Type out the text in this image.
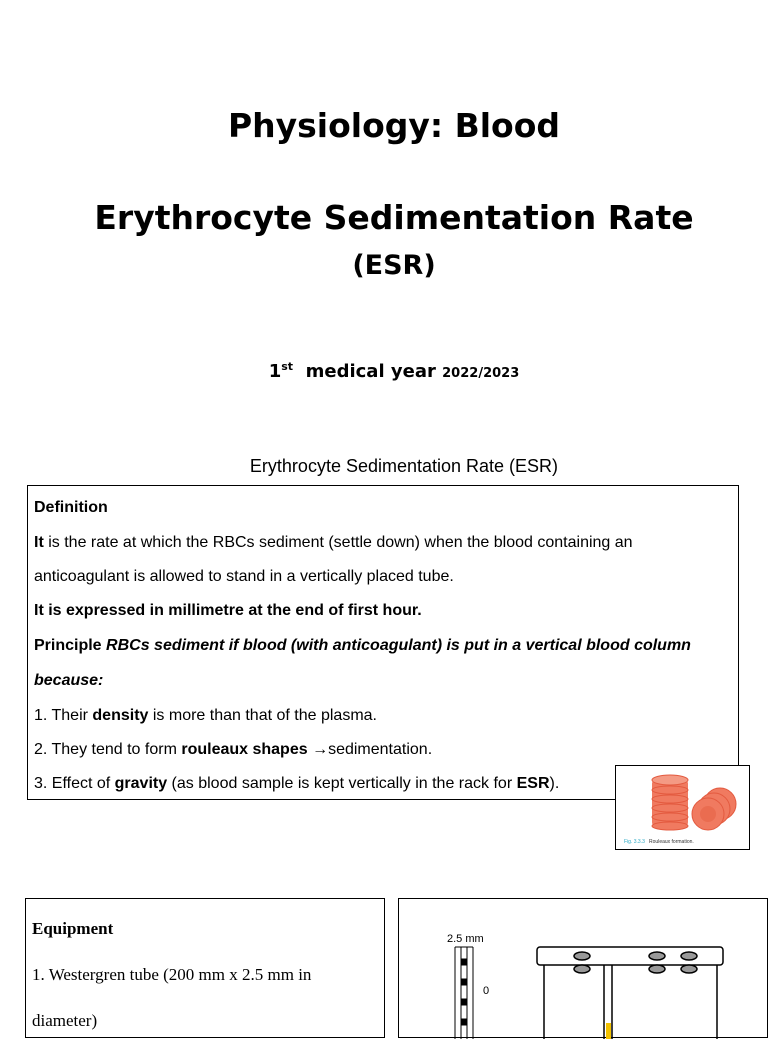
Physiology: Blood
Erythrocyte Sedimentation Rate
(ESR)
1st medical year 2022/2023
Erythrocyte Sedimentation Rate (ESR)
Definition
It is the rate at which the RBCs sediment (settle down) when the blood containing an
anticoagulant is allowed to stand in a vertically placed tube.
It is expressed in millimetre at the end of first hour.
Principle RBCs sediment if blood (with anticoagulant) is put in a vertical blood column
because:
1. Their density is more than that of the plasma.
2. They tend to form rouleaux shapes →sedimentation.
3. Effect of gravity (as blood sample is kept vertically in the rack for ESR).
Fig. 3.3.3 Rouleaux formation.
Equipment
1. Westergren tube (200 mm x 2.5 mm in
diameter)
2.5 mm
0
